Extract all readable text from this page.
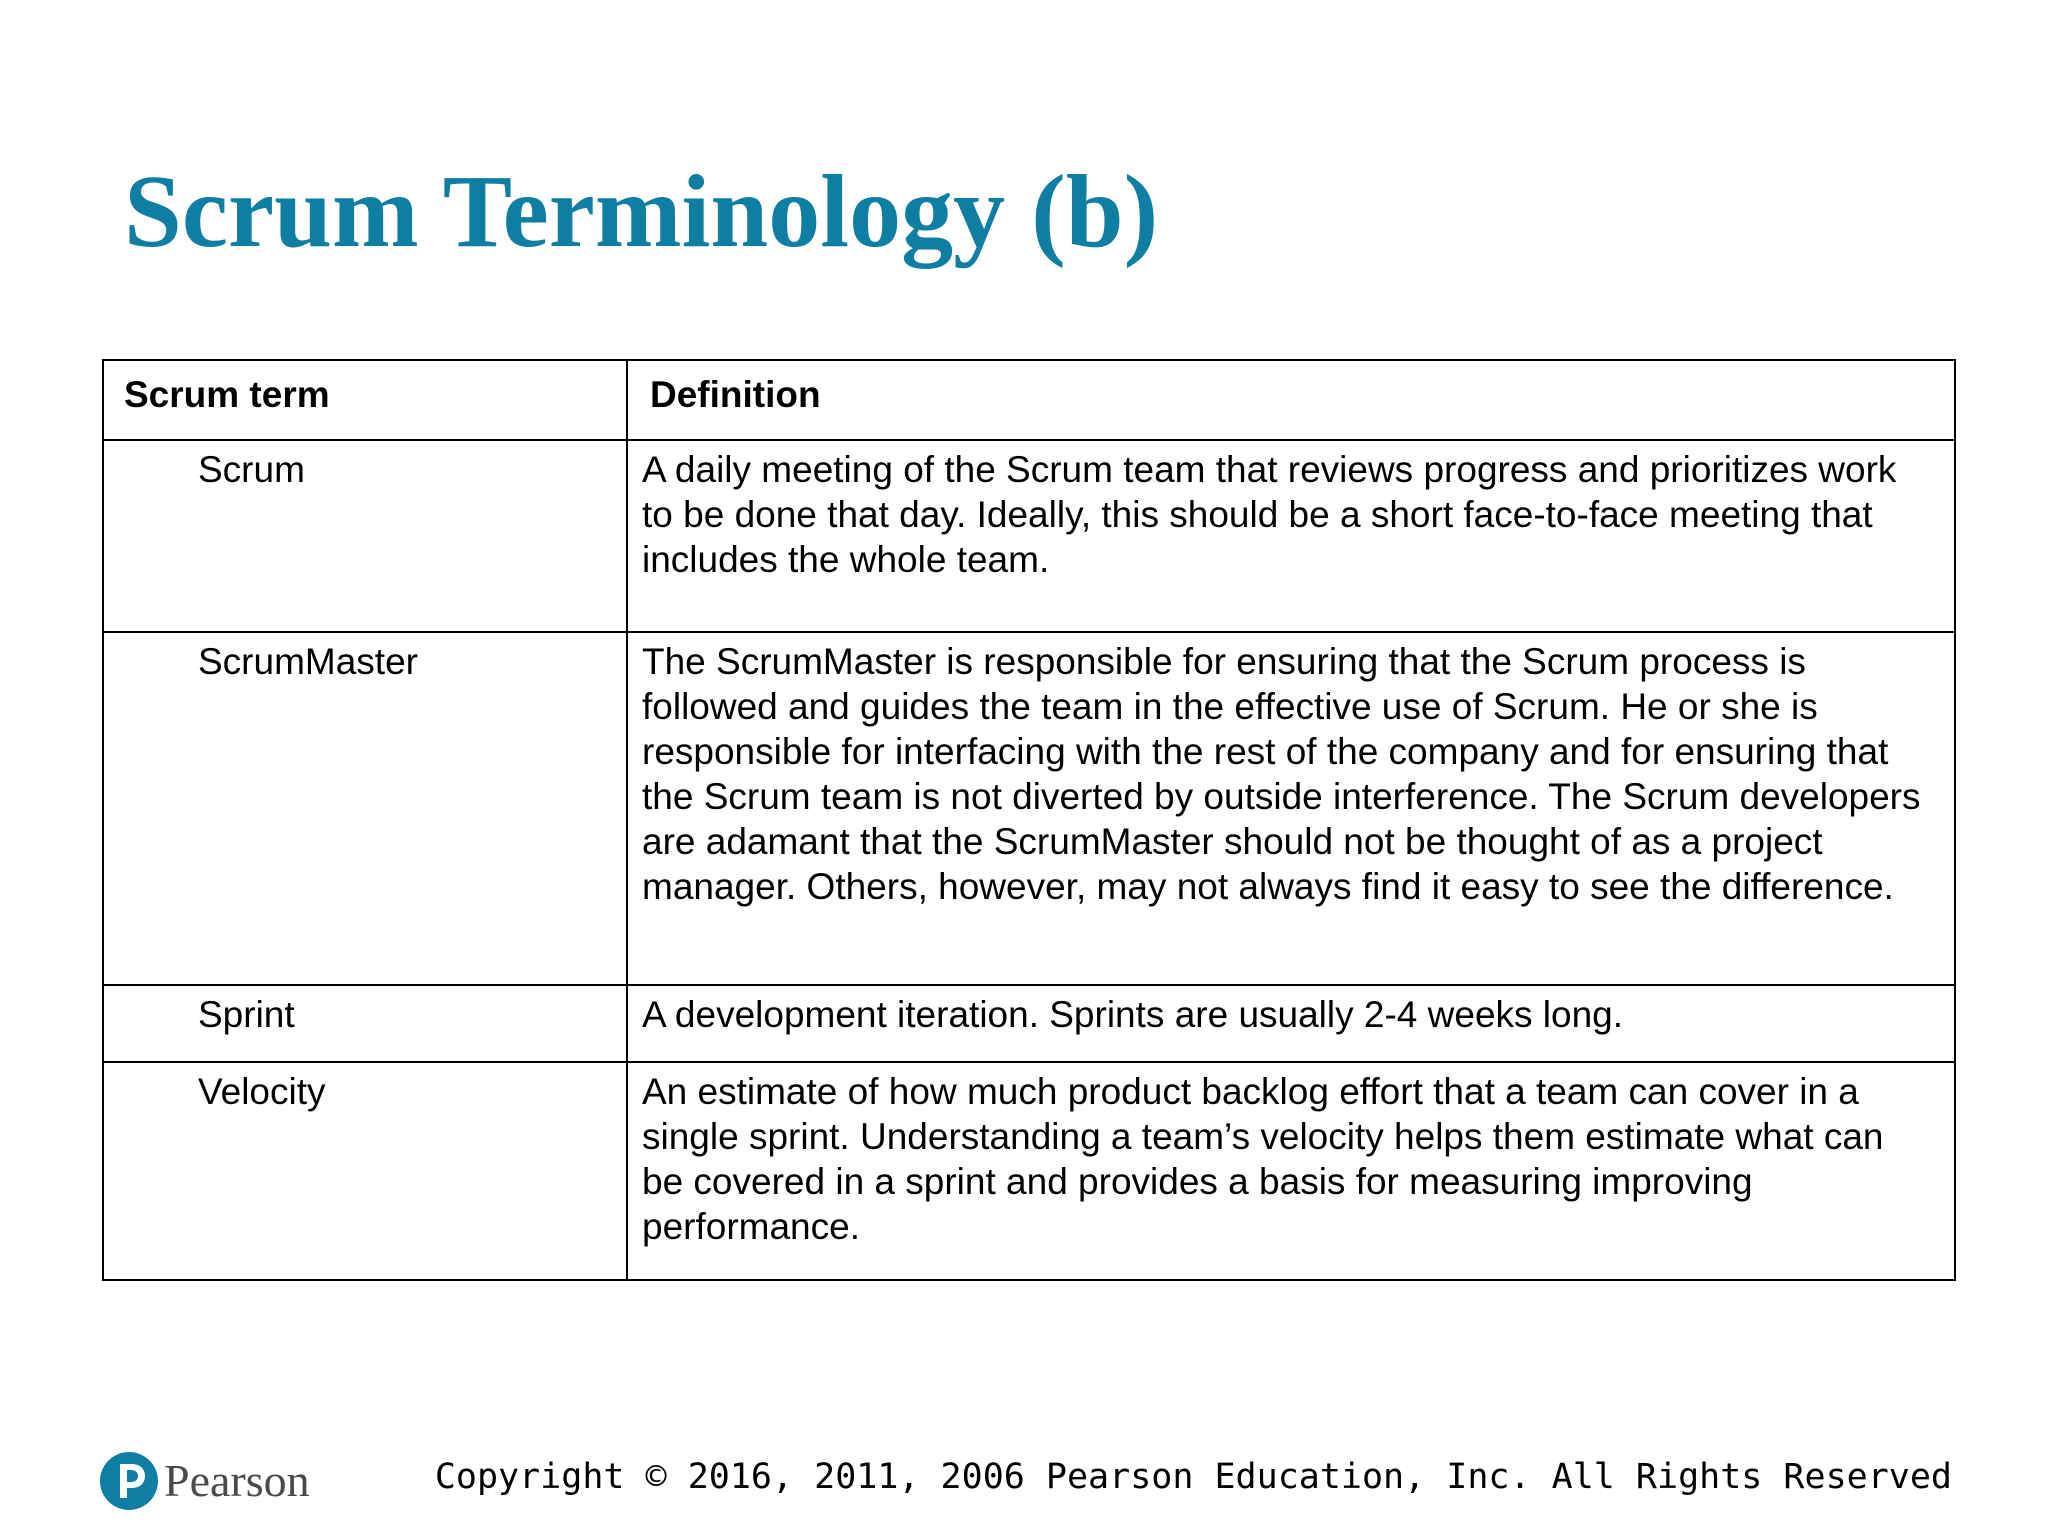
Scrum Terminology (b)
Scrum term	Definition
Scrum	A daily meeting of the Scrum team that reviews progress and prioritizes work to be done that day. Ideally, this should be a short face-to-face meeting that includes the whole team.
ScrumMaster	The ScrumMaster is responsible for ensuring that the Scrum process is followed and guides the team in the effective use of Scrum. He or she is responsible for interfacing with the rest of the company and for ensuring that the Scrum team is not diverted by outside interference. The Scrum developers are adamant that the ScrumMaster should not be thought of as a project manager. Others, however, may not always find it easy to see the difference.
Sprint	A development iteration. Sprints are usually 2-4 weeks long.
Velocity	An estimate of how much product backlog effort that a team can cover in a single sprint. Understanding a team’s velocity helps them estimate what can be covered in a sprint and provides a basis for measuring improving performance.
Pearson	Copyright © 2016, 2011, 2006 Pearson Education, Inc. All Rights Reserved
